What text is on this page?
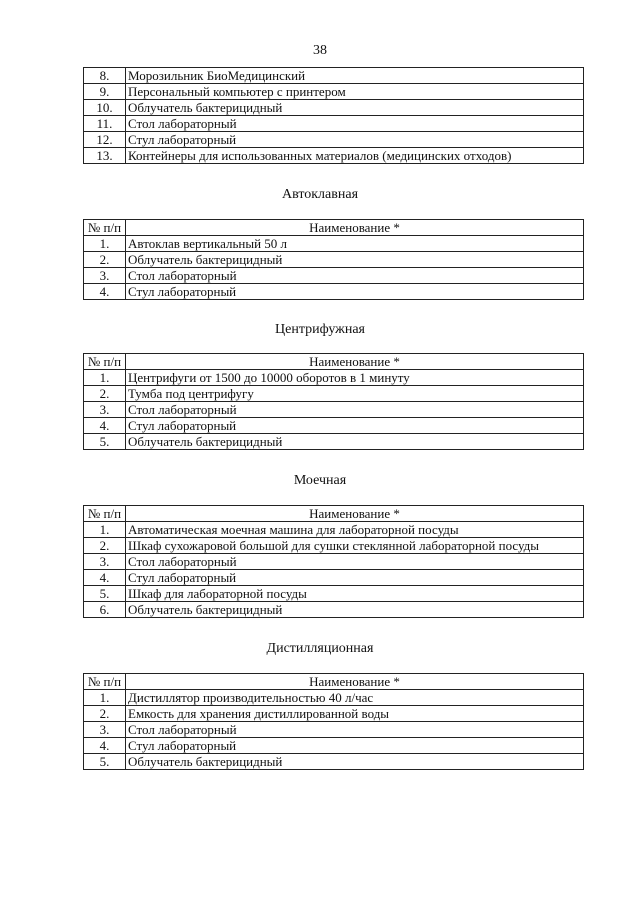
38
8.	Морозильник БиоМедицинский
9.	Персональный компьютер с принтером
10.	Облучатель бактерицидный
11.	Стол лабораторный
12.	Стул лабораторный
13.	Контейнеры для использованных материалов (медицинских отходов)
Автоклавная
№ п/п	Наименование *
1.	Автоклав вертикальный 50 л
2.	Облучатель бактерицидный
3.	Стол лабораторный
4.	Стул лабораторный
Центрифужная
№ п/п	Наименование *
1.	Центрифуги от 1500 до 10000 оборотов в 1 минуту
2.	Тумба под центрифугу
3.	Стол лабораторный
4.	Стул лабораторный
5.	Облучатель бактерицидный
Моечная
№ п/п	Наименование *
1.	Автоматическая моечная машина для лабораторной посуды
2.	Шкаф сухожаровой большой для сушки стеклянной лабораторной посуды
3.	Стол лабораторный
4.	Стул лабораторный
5.	Шкаф для лабораторной посуды
6.	Облучатель бактерицидный
Дистилляционная
№ п/п	Наименование *
1.	Дистиллятор производительностью 40 л/час
2.	Емкость для хранения дистиллированной воды
3.	Стол лабораторный
4.	Стул лабораторный
5.	Облучатель бактерицидный
